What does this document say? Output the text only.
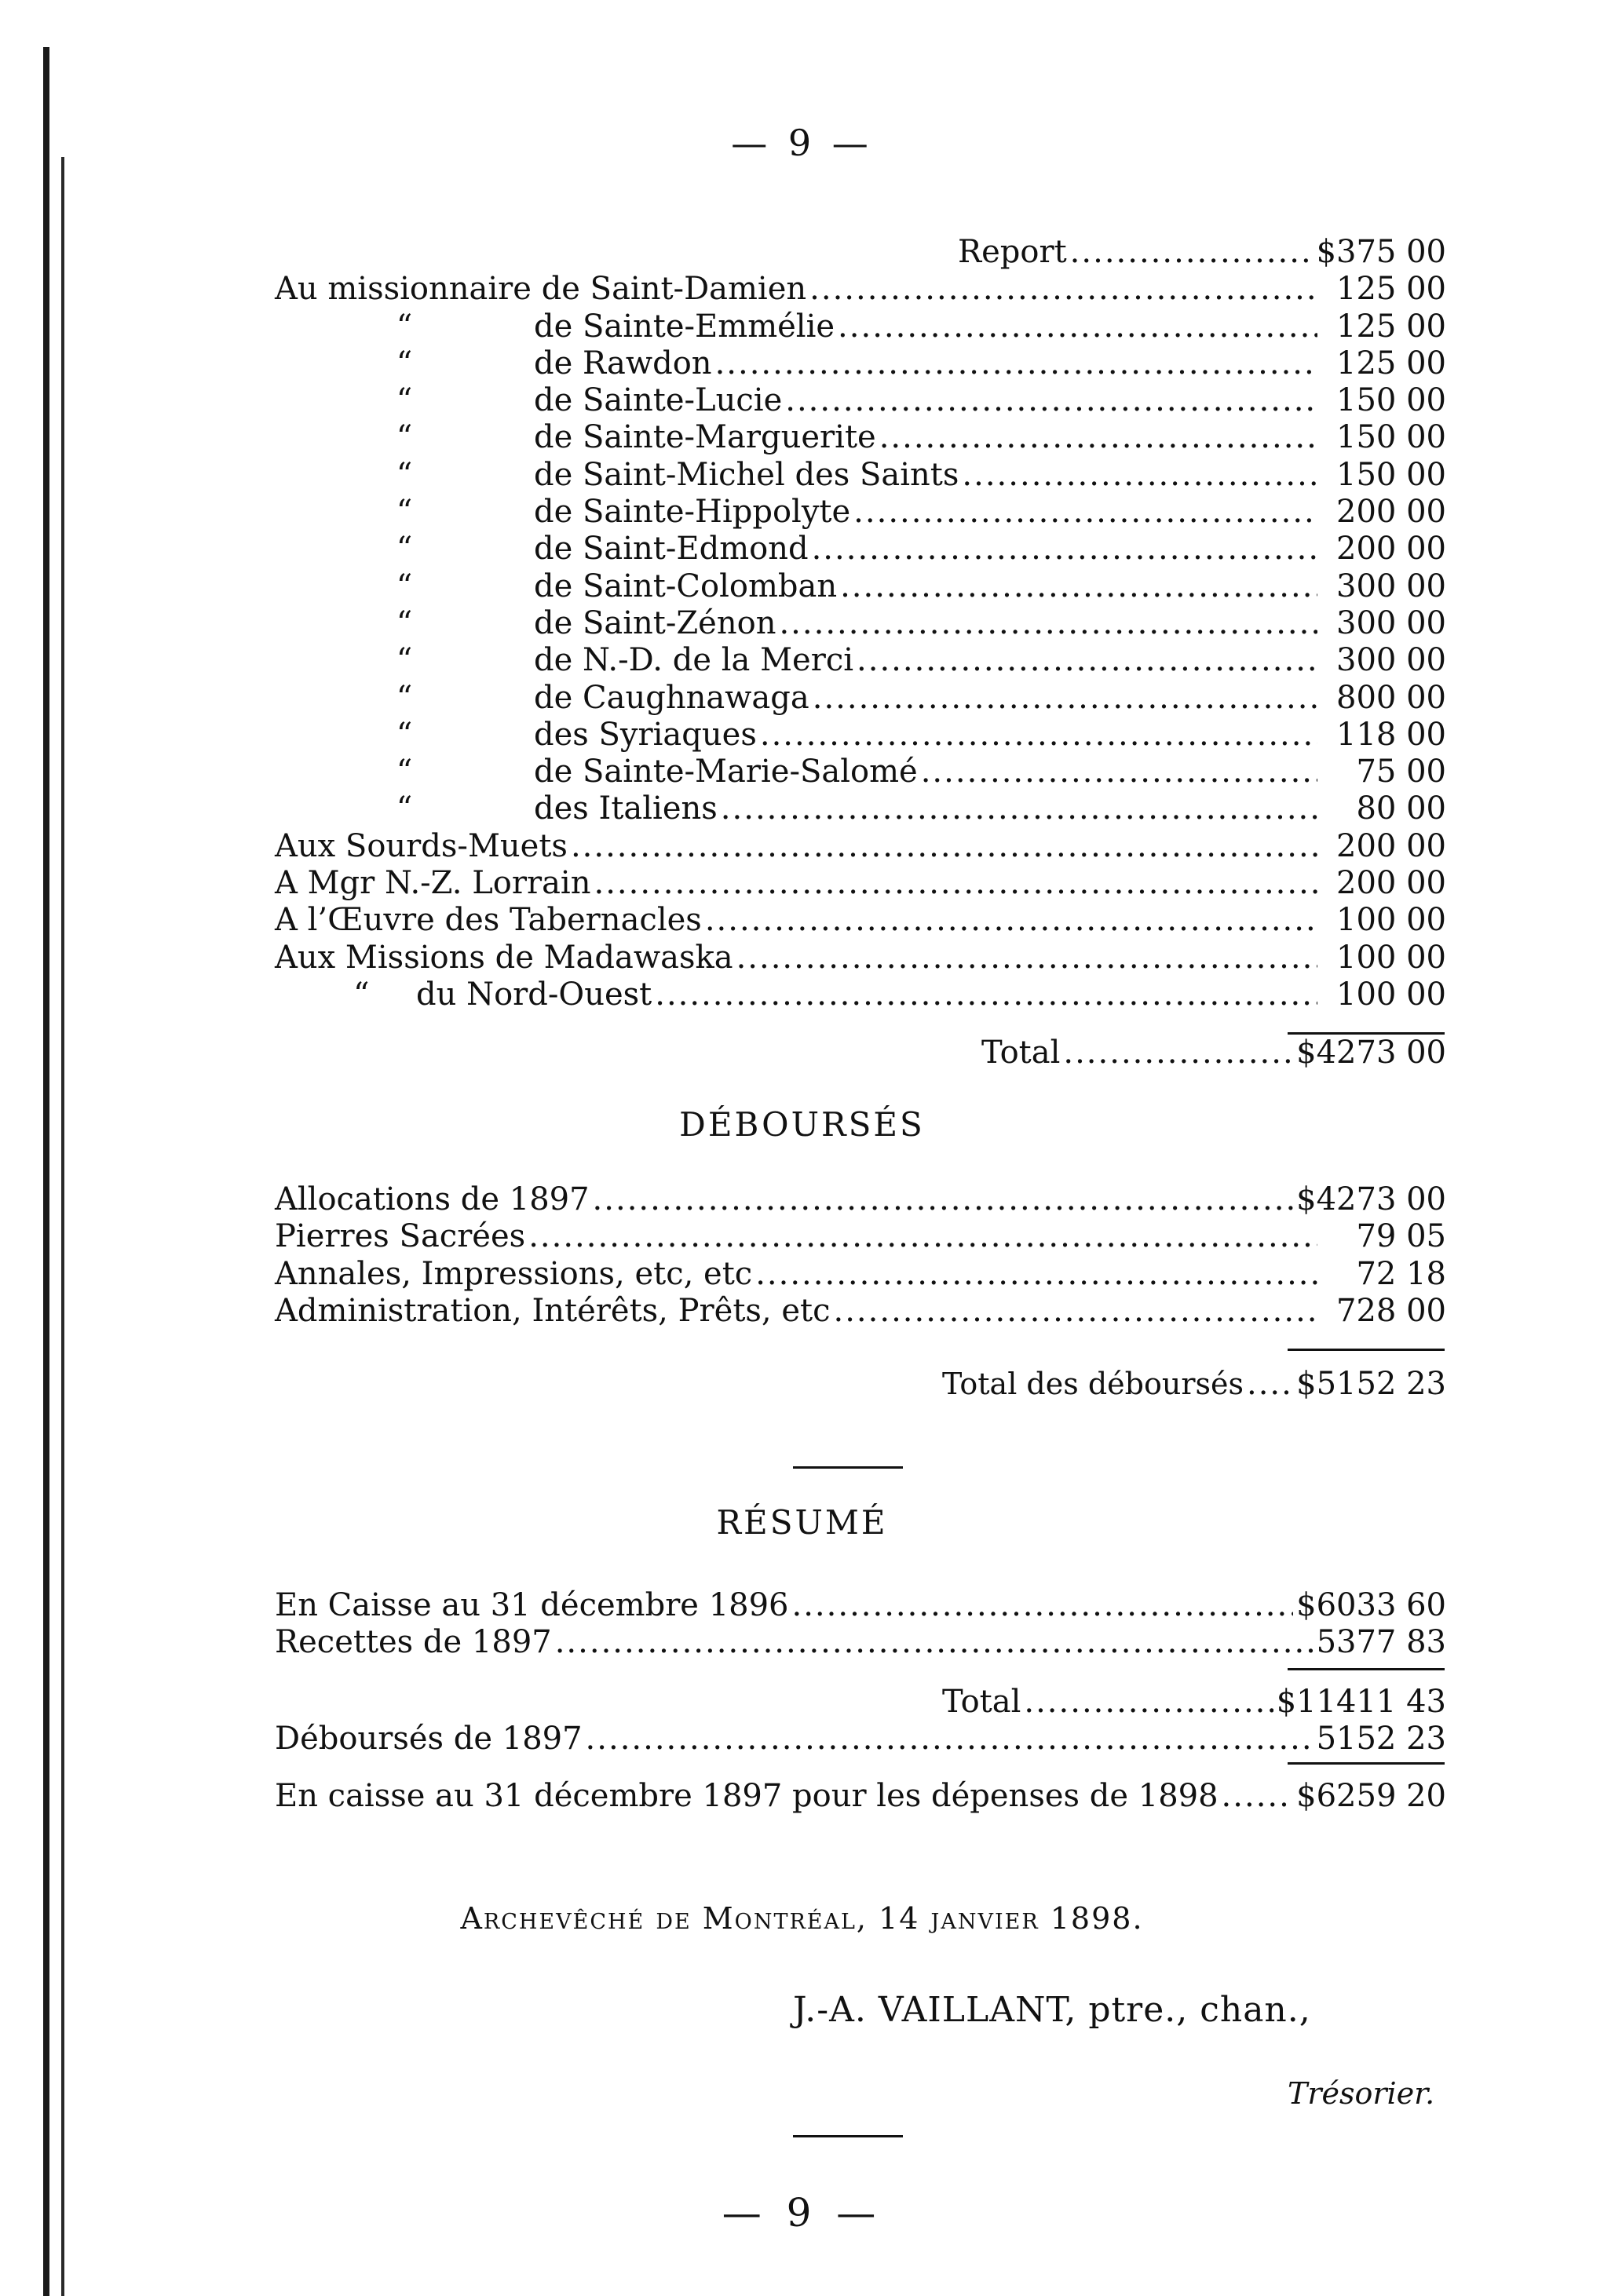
— 9 —
Report .....	$375 00
Au missionnaire de Saint-Damien .....	125 00
“	de Sainte-Emmélie .....	125 00
“	de Rawdon .....	125 00
“	de Sainte-Lucie .....	150 00
“	de Sainte-Marguerite .....	150 00
“	de Saint-Michel des Saints .....	150 00
“	de Sainte-Hippolyte .....	200 00
“	de Saint-Edmond .....	200 00
“	de Saint-Colomban .....	300 00
“	de Saint-Zénon .....	300 00
“	de N.-D. de la Merci .....	300 00
“	de Caughnawaga .....	800 00
“	des Syriaques .....	118 00
“	de Sainte-Marie-Salomé .....	75 00
“	des Italiens .....	80 00
Aux Sourds-Muets .....	200 00
A Mgr N.-Z. Lorrain .....	200 00
A l’Œuvre des Tabernacles .....	100 00
Aux Missions de Madawaska .....	100 00
“ du Nord-Ouest .....	100 00
Total .....	$4273 00
DÉBOURSÉS
Allocations de 1897 .....	$4273 00
Pierres Sacrées .....	79 05
Annales, Impressions, etc, etc .....	72 18
Administration, Intérêts, Prêts, etc .....	728 00
Total des déboursés ..... $5152 23
RÉSUMÉ
En Caisse au 31 décembre 1896 .....	$6033 60
Recettes de 1897 .....	5377 83
Total .....	$11411 43
Déboursés de 1897 .....	5152 23
En caisse au 31 décembre 1897 pour les dépenses de 1898 ..... $6259 20
Archevêché de Montréal, 14 janvier 1898.
J.-A. VAILLANT, ptre., chan.,
Trésorier.
— 9 —
